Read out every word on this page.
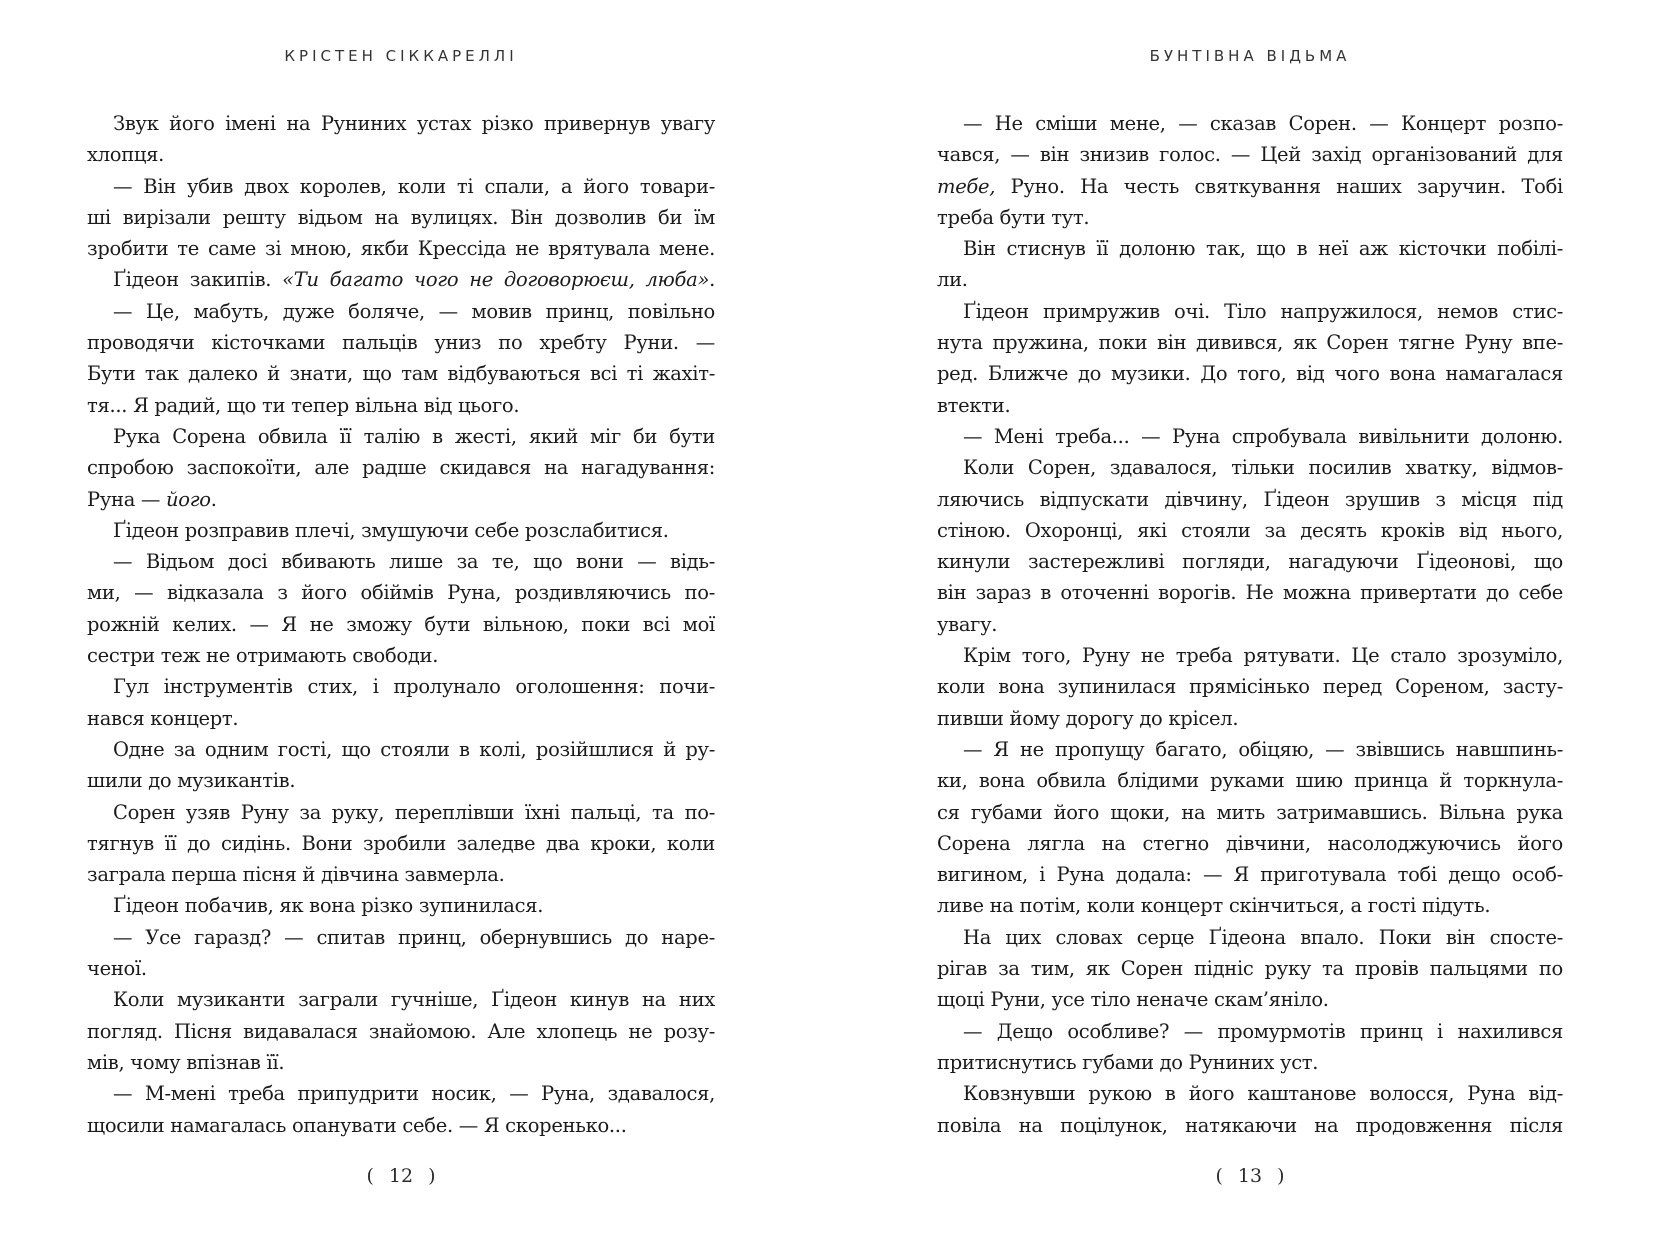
КРІСТЕН СІККАРЕЛЛІ
Звук його імені на Руниних устах різко привернув увагу
хлопця.
— Він убив двох королев, коли ті спали, а його товари-
ші вирізали решту відьом на вулицях. Він дозволив би їм
зробити те саме зі мною, якби Крессіда не врятувала мене.
Ґідеон закипів. «Ти багато чого не договорюєш, люба».
— Це, мабуть, дуже боляче, — мовив принц, повільно
проводячи кісточками пальців униз по хребту Руни. —
Бути так далеко й знати, що там відбуваються всі ті жахіт-
тя... Я радий, що ти тепер вільна від цього.
Рука Сорена обвила її талію в жесті, який міг би бути
спробою заспокоїти, але радше скидався на нагадування:
Руна — його.
Ґідеон розправив плечі, змушуючи себе розслабитися.
— Відьом досі вбивають лише за те, що вони — відь-
ми, — відказала з його обіймів Руна, роздивляючись по-
рожній келих. — Я не зможу бути вільною, поки всі мої
сестри теж не отримають свободи.
Гул інструментів стих, і пролунало оголошення: почи-
нався концерт.
Одне за одним гості, що стояли в колі, розійшлися й ру-
шили до музикантів.
Сорен узяв Руну за руку, переплівши їхні пальці, та по-
тягнув її до сидінь. Вони зробили заледве два кроки, коли
заграла перша пісня й дівчина завмерла.
Ґідеон побачив, як вона різко зупинилася.
— Усе гаразд? — спитав принц, обернувшись до наре-
ченої.
Коли музиканти заграли гучніше, Ґідеон кинув на них
погляд. Пісня видавалася знайомою. Але хлопець не розу-
мів, чому впізнав її.
— М-мені треба припудрити носик, — Руна, здавалося,
щосили намагалась опанувати себе. — Я скоренько...
( 12 )
БУНТІВНА ВІДЬМА
— Не сміши мене, — сказав Сорен. — Концерт розпо-
чався, — він знизив голос. — Цей захід організований для
тебе, Руно. На честь святкування наших заручин. Тобі
треба бути тут.
Він стиснув її долоню так, що в неї аж кісточки побілі-
ли.
Ґідеон примружив очі. Тіло напружилося, немов стис-
нута пружина, поки він дивився, як Сорен тягне Руну впе-
ред. Ближче до музики. До того, від чого вона намагалася
втекти.
— Мені треба... — Руна спробувала вивільнити долоню.
Коли Сорен, здавалося, тільки посилив хватку, відмов-
ляючись відпускати дівчину, Ґідеон зрушив з місця під
стіною. Охоронці, які стояли за десять кроків від нього,
кинули застережливі погляди, нагадуючи Ґідеонові, що
він зараз в оточенні ворогів. Не можна привертати до себе
увагу.
Крім того, Руну не треба рятувати. Це стало зрозуміло,
коли вона зупинилася прямісінько перед Сореном, засту-
пивши йому дорогу до крісел.
— Я не пропущу багато, обіцяю, — звівшись навшпинь-
ки, вона обвила блідими руками шию принца й торкнула-
ся губами його щоки, на мить затримавшись. Вільна рука
Сорена лягла на стегно дівчини, насолоджуючись його
вигином, і Руна додала: — Я приготувала тобі дещо особ-
ливе на потім, коли концерт скінчиться, а гості підуть.
На цих словах серце Ґідеона впало. Поки він спосте-
рігав за тим, як Сорен підніс руку та провів пальцями по
щоці Руни, усе тіло неначе скам’яніло.
— Дещо особливе? — промурмотів принц і нахилився
притиснутись губами до Руниних уст.
Ковзнувши рукою в його каштанове волосся, Руна від-
повіла на поцілунок, натякаючи на продовження після
( 13 )
